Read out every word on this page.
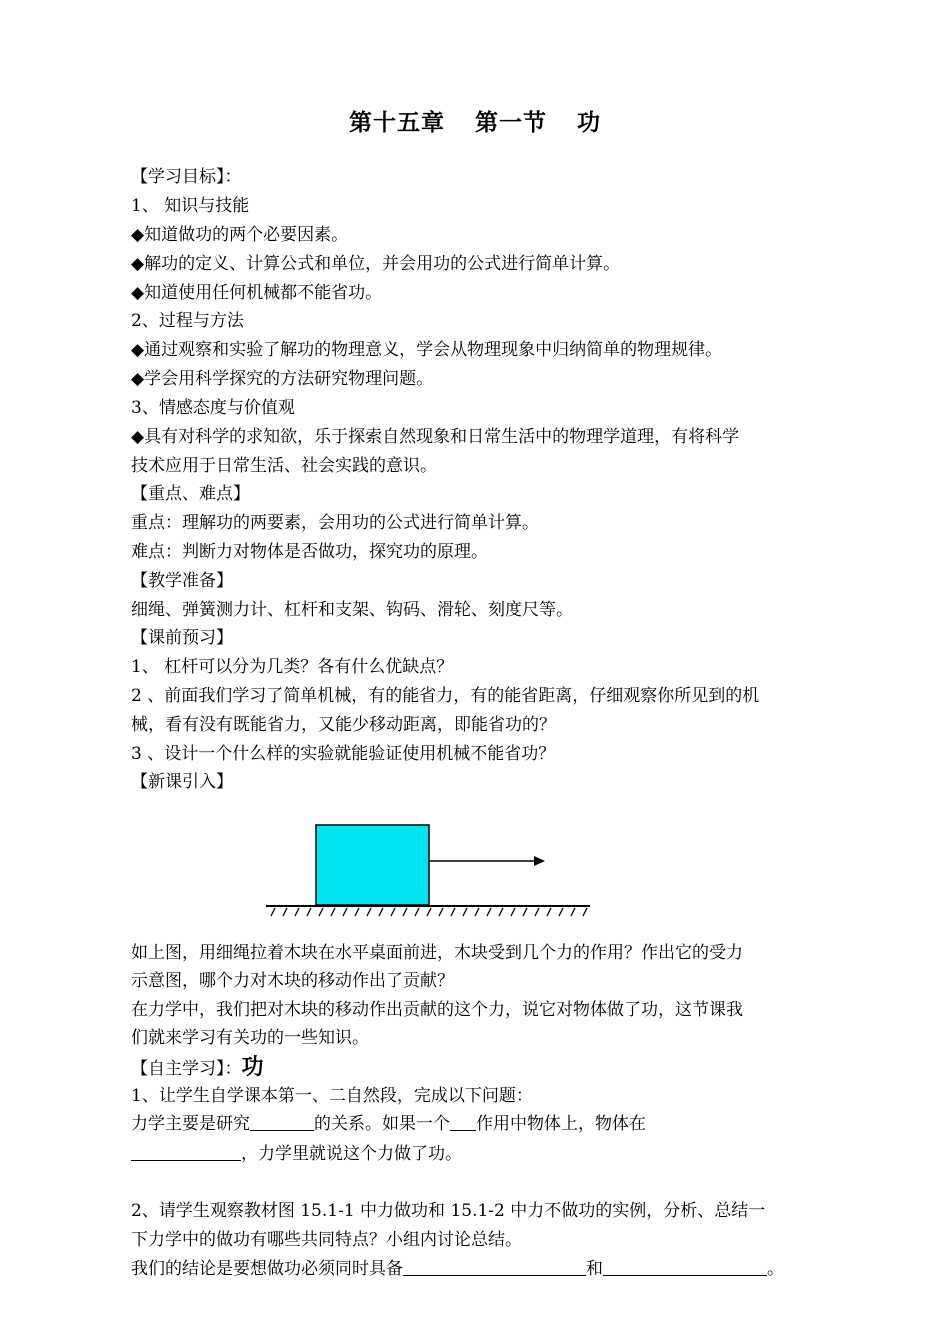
第十五章 第一节 功
【学习目标】：
1、 知识与技能
◆知道做功的两个必要因素。
◆解功的定义、计算公式和单位，并会用功的公式进行简单计算。
◆知道使用任何机械都不能省功。
2、过程与方法
◆通过观察和实验了解功的物理意义，学会从物理现象中归纳简单的物理规律。
◆学会用科学探究的方法研究物理问题。
3、情感态度与价值观
◆具有对科学的求知欲，乐于探索自然现象和日常生活中的物理学道理，有将科学
技术应用于日常生活、社会实践的意识。
【重点、难点】
重点：理解功的两要素，会用功的公式进行简单计算。
难点：判断力对物体是否做功，探究功的原理。
【教学准备】
细绳、弹簧测力计、杠杆和支架、钩码、滑轮、刻度尺等。
【课前预习】
1、 杠杆可以分为几类？各有什么优缺点？
2 、前面我们学习了简单机械，有的能省力，有的能省距离，仔细观察你所见到的机
械，看有没有既能省力，又能少移动距离，即能省功的？
3 、设计一个什么样的实验就能验证使用机械不能省功？
【新课引入】
如上图，用细绳拉着木块在水平桌面前进，木块受到几个力的作用？作出它的受力
示意图，哪个力对木块的移动作出了贡献？
在力学中，我们把对木块的移动作出贡献的这个力，说它对物体做了功，这节课我
们就来学习有关功的一些知识。
【自主学习】：功
1、让学生自学课本第一、二自然段，完成以下问题：
力学主要是研究	的关系。如果一个 作用中物体上，物体在
，力学里就说这个力做了功。
2、请学生观察教材图 15.1-1 中力做功和 15.1-2 中力不做功的实例，分析、总结一
下力学中的做功有哪些共同特点？小组内讨论总结。
我们的结论是要想做功必须同时具备	和	。
